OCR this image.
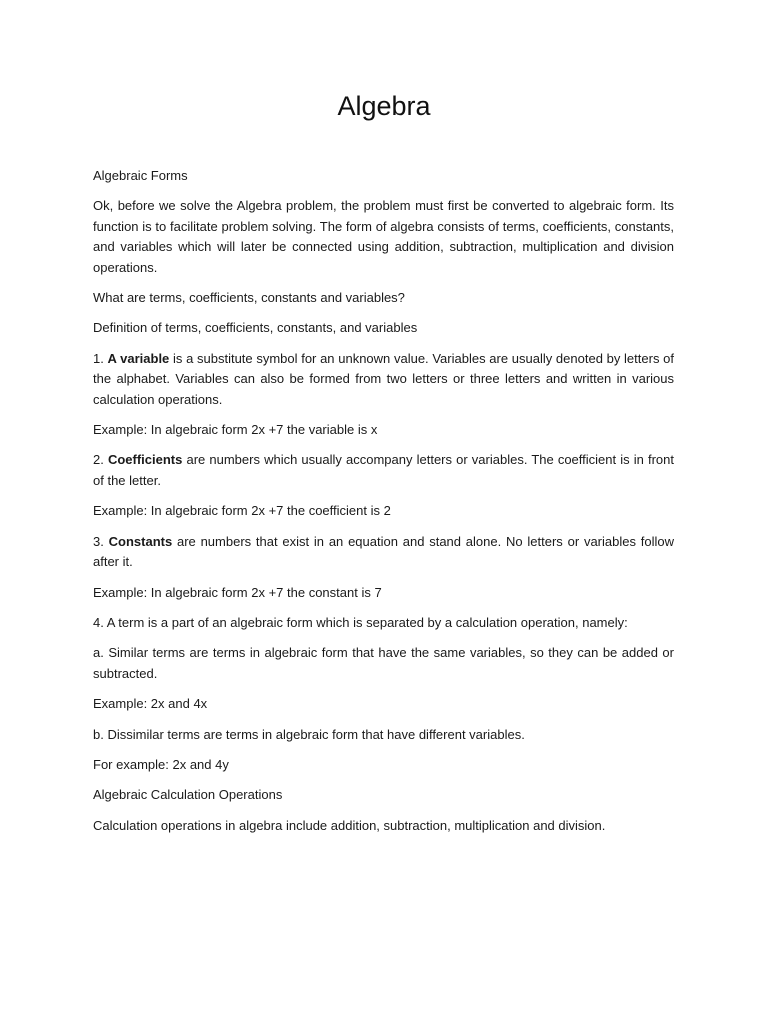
Algebra

Algebraic Forms

Ok, before we solve the Algebra problem, the problem must first be converted to algebraic form. Its function is to facilitate problem solving. The form of algebra consists of terms, coefficients, constants, and variables which will later be connected using addition, subtraction, multiplication and division operations.

What are terms, coefficients, constants and variables?

Definition of terms, coefficients, constants, and variables

1. A variable is a substitute symbol for an unknown value. Variables are usually denoted by letters of the alphabet. Variables can also be formed from two letters or three letters and written in various calculation operations.

Example: In algebraic form 2x +7 the variable is x

2. Coefficients are numbers which usually accompany letters or variables. The coefficient is in front of the letter.

Example: In algebraic form 2x +7 the coefficient is 2

3. Constants are numbers that exist in an equation and stand alone. No letters or variables follow after it.

Example: In algebraic form 2x +7 the constant is 7

4. A term is a part of an algebraic form which is separated by a calculation operation, namely:

a. Similar terms are terms in algebraic form that have the same variables, so they can be added or subtracted.

Example: 2x and 4x

b. Dissimilar terms are terms in algebraic form that have different variables.

For example: 2x and 4y

Algebraic Calculation Operations

Calculation operations in algebra include addition, subtraction, multiplication and division.
